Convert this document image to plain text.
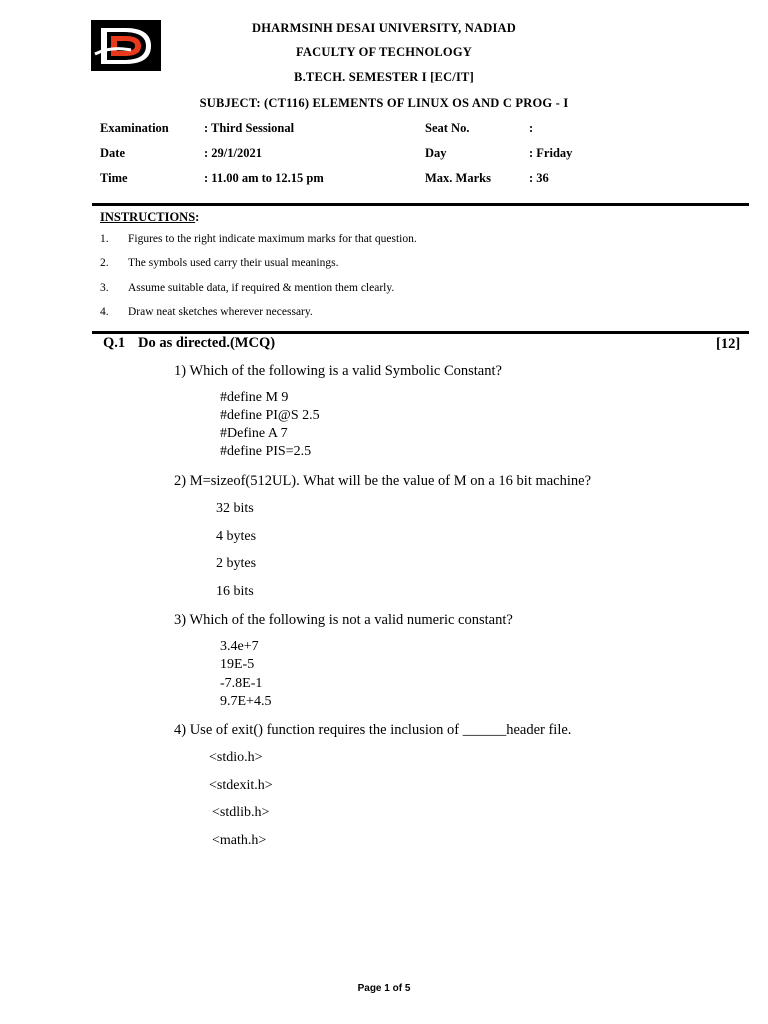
DHARMSINH DESAI UNIVERSITY, NADIAD
FACULTY OF TECHNOLOGY
B.TECH. SEMESTER I [EC/IT]
SUBJECT: (CT116) ELEMENTS OF LINUX OS AND C PROG - I
Examination	: Third Sessional	Seat No.	:
Date	: 29/1/2021	Day	: Friday
Time	: 11.00 am to 12.15 pm	Max. Marks	: 36
INSTRUCTIONS:
1. Figures to the right indicate maximum marks for that question.
2. The symbols used carry their usual meanings.
3. Assume suitable data, if required & mention them clearly.
4. Draw neat sketches wherever necessary.
Q.1 Do as directed.(MCQ)	[12]
1) Which of the following is a valid Symbolic Constant?
#define M 9
#define PI@S 2.5
#Define A 7
#define PIS=2.5
2) M=sizeof(512UL). What will be the value of M on a 16 bit machine?
32 bits
4 bytes
2 bytes
16 bits
3) Which of the following is not a valid numeric constant?
3.4e+7
19E-5
-7.8E-1
9.7E+4.5
4) Use of exit() function requires the inclusion of ______header file.
<stdio.h>
<stdexit.h>
<stdlib.h>
<math.h>
Page 1 of 5
